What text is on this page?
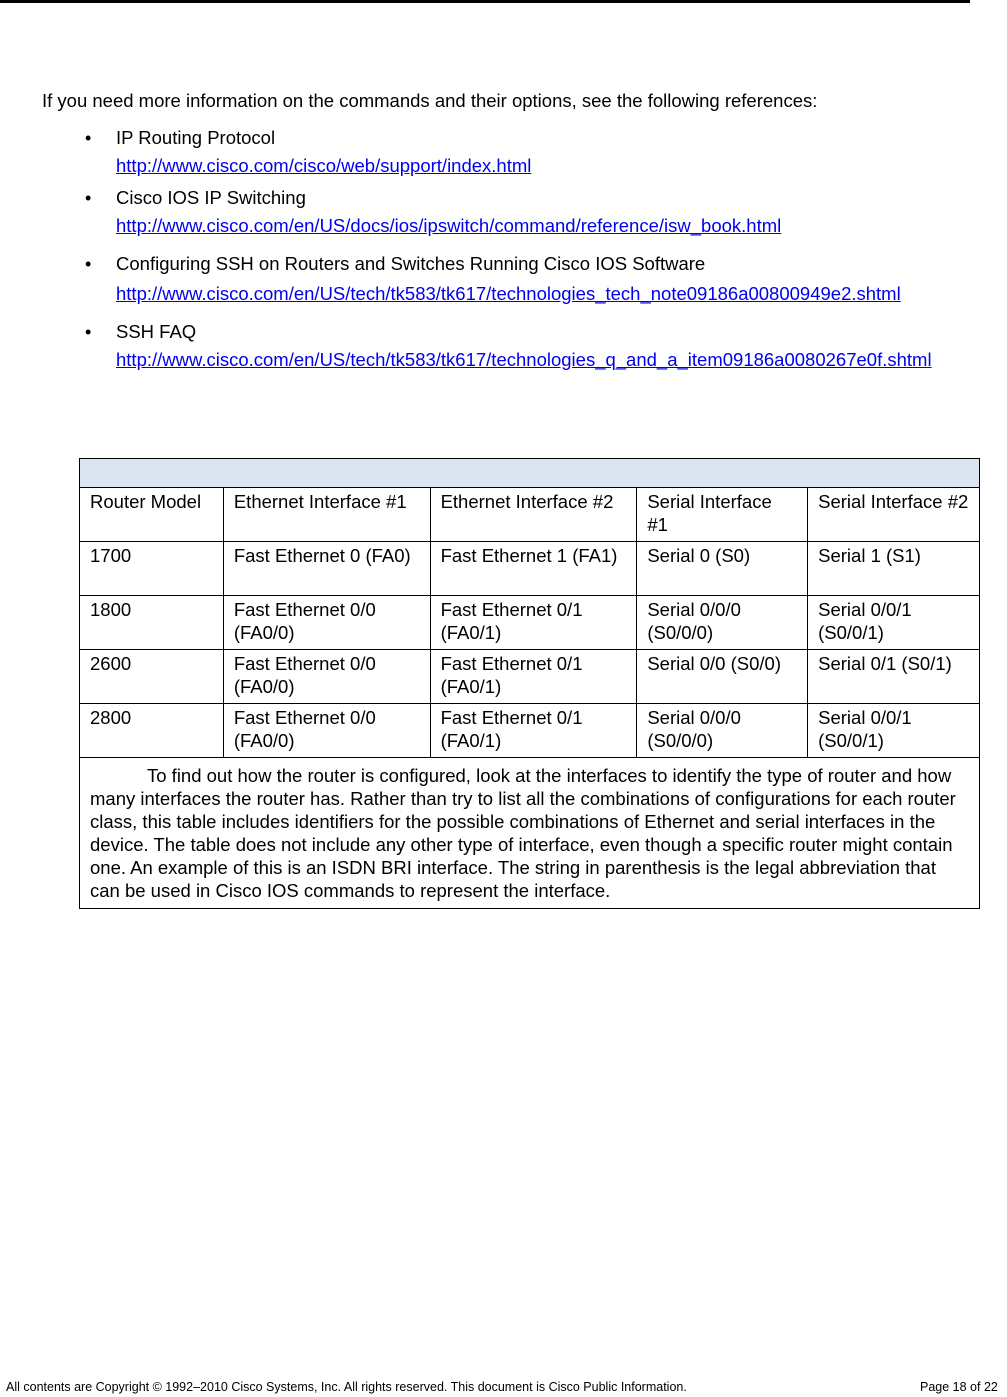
If you need more information on the commands and their options, see the following references:

• IP Routing Protocol
http://www.cisco.com/cisco/web/support/index.html
• Cisco IOS IP Switching
http://www.cisco.com/en/US/docs/ios/ipswitch/command/reference/isw_book.html
• Configuring SSH on Routers and Switches Running Cisco IOS Software
http://www.cisco.com/en/US/tech/tk583/tk617/technologies_tech_note09186a00800949e2.shtml
• SSH FAQ
http://www.cisco.com/en/US/tech/tk583/tk617/technologies_q_and_a_item09186a0080267e0f.shtml

Router Model	Ethernet Interface #1	Ethernet Interface #2	Serial Interface #1	Serial Interface #2
1700	Fast Ethernet 0 (FA0)	Fast Ethernet 1 (FA1)	Serial 0 (S0)	Serial 1 (S1)
1800	Fast Ethernet 0/0 (FA0/0)	Fast Ethernet 0/1 (FA0/1)	Serial 0/0/0 (S0/0/0)	Serial 0/0/1 (S0/0/1)
2600	Fast Ethernet 0/0 (FA0/0)	Fast Ethernet 0/1 (FA0/1)	Serial 0/0 (S0/0)	Serial 0/1 (S0/1)
2800	Fast Ethernet 0/0 (FA0/0)	Fast Ethernet 0/1 (FA0/1)	Serial 0/0/0 (S0/0/0)	Serial 0/0/1 (S0/0/1)

To find out how the router is configured, look at the interfaces to identify the type of router and how many interfaces the router has. Rather than try to list all the combinations of configurations for each router class, this table includes identifiers for the possible combinations of Ethernet and serial interfaces in the device. The table does not include any other type of interface, even though a specific router might contain one. An example of this is an ISDN BRI interface. The string in parenthesis is the legal abbreviation that can be used in Cisco IOS commands to represent the interface.				
All contents are Copyright © 1992–2010 Cisco Systems, Inc. All rights reserved. This document is Cisco Public Information.	Page 18 of 22
